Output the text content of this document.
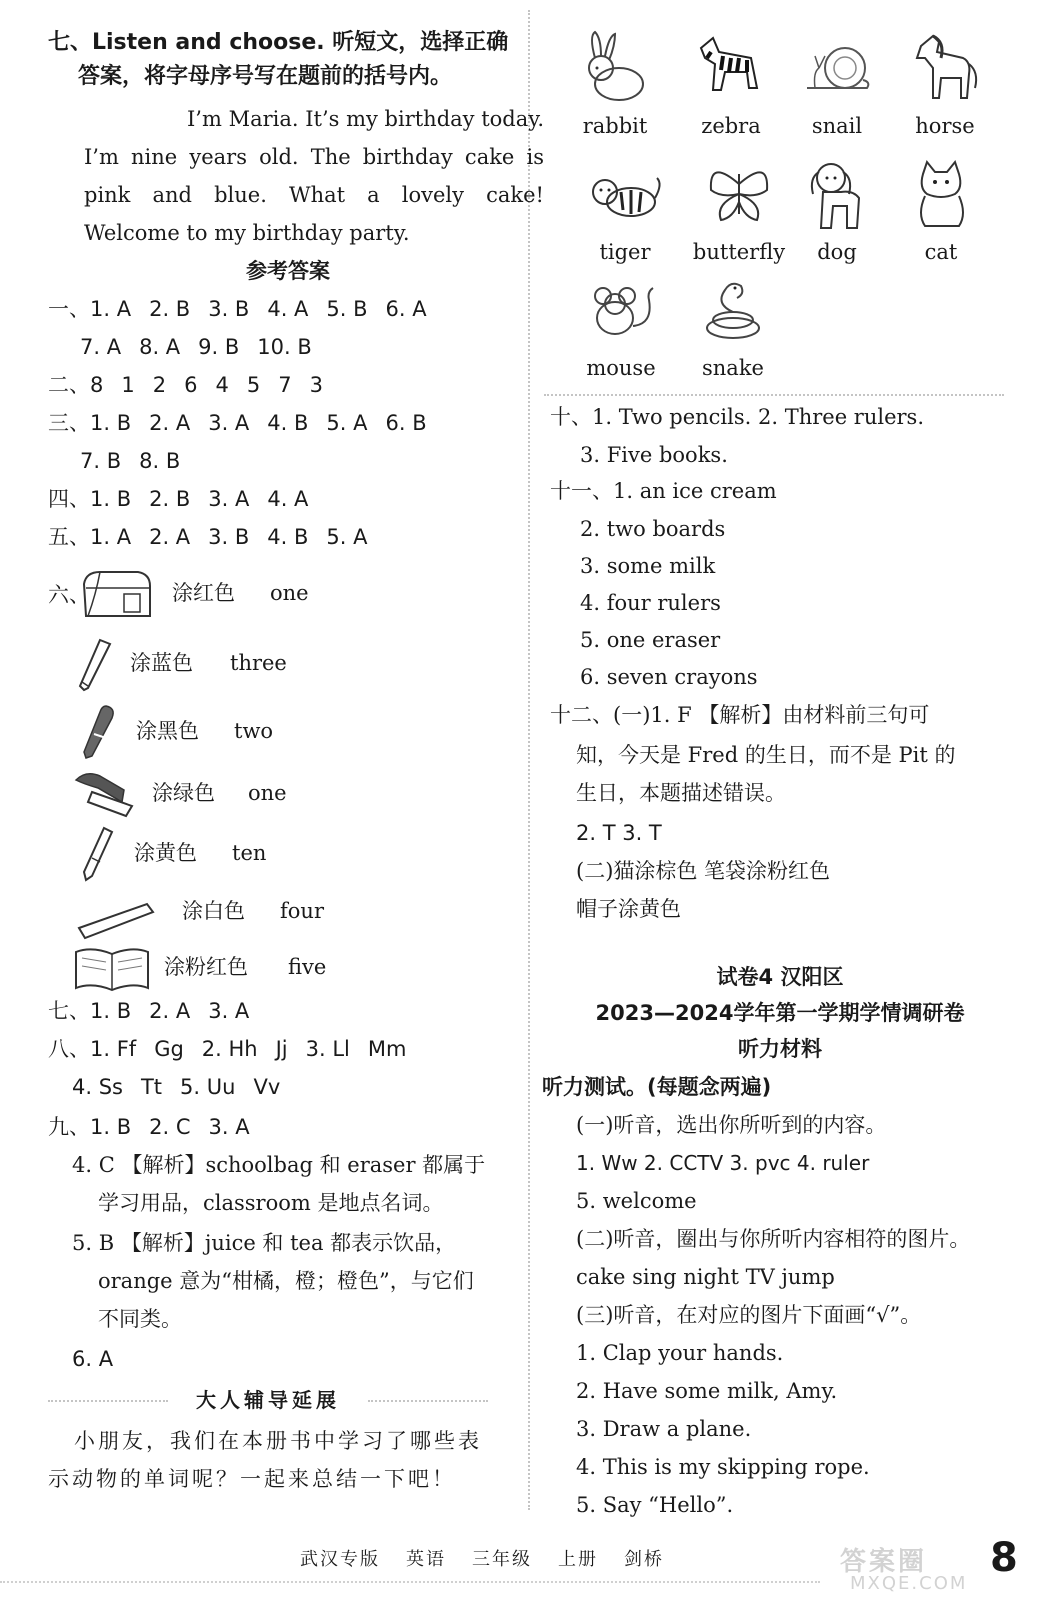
七、Listen and choose. 听短文，选择正确
答案，将字母序号写在题前的括号内。
I’m Maria. It’s my birthday today.
I’m nine years old. The birthday cake is
pink and blue. What a lovely cake!
Welcome to my birthday party.
参考答案
一、1. A 2. B 3. B 4. A 5. B 6. A
7. A 8. A 9. B 10. B
二、8 1 2 6 4 5 7 3
三、1. B 2. A 3. A 4. B 5. A 6. B
7. B 8. B
四、1. B 2. B 3. A 4. A
五、1. A 2. A 3. B 4. B 5. A
六、	涂红色 one
涂蓝色 three
涂黑色 two
涂绿色 one
涂黄色 ten
涂白色 four
涂粉红色 five
七、1. B 2. A 3. A
八、1. Ff Gg 2. Hh Jj 3. Ll Mm
4. Ss Tt 5. Uu Vv
九、1. B 2. C 3. A
4. C 【解析】schoolbag 和 eraser 都属于
学习用品，classroom 是地点名词。
5. B 【解析】juice 和 tea 都表示饮品，
orange 意为“柑橘，橙；橙色”，与它们
不同类。
6. A
大人辅导延展
小朋友，我们在本册书中学习了哪些表
示动物的单词呢？一起来总结一下吧！
rabbit	zebra	snail	horse
tiger	butterfly	dog	cat
mouse	snake
十、1. Two pencils. 2. Three rulers.
3. Five books.
十一、1. an ice cream
2. two boards
3. some milk
4. four rulers
5. one eraser
6. seven crayons
十二、(一)1. F 【解析】由材料前三句可
知，今天是 Fred 的生日，而不是 Pit 的
生日，本题描述错误。
2. T 3. T
(二)猫涂棕色 笔袋涂粉红色
帽子涂黄色
试卷4 汉阳区
2023—2024学年第一学期学情调研卷
听力材料
听力测试。(每题念两遍)
(一)听音，选出你所听到的内容。
1. Ww 2. CCTV 3. pvc 4. ruler
5. welcome
(二)听音，圈出与你所听内容相符的图片。
cake sing night TV jump
(三)听音，在对应的图片下面画“√”。
1. Clap your hands.
2. Have some milk, Amy.
3. Draw a plane.
4. This is my skipping rope.
5. Say “Hello”.
武汉专版 英语 三年级 上册 剑桥	答案圈
MXQE.COM
8
